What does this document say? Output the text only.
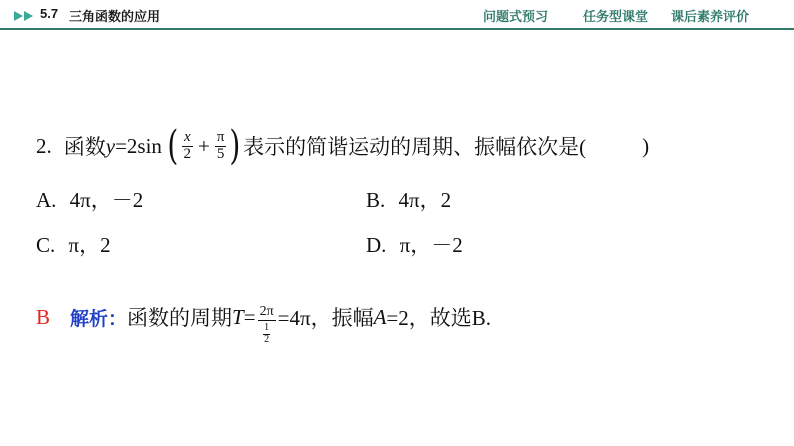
5.7 三角函数的应用	问题式预习	任务型课堂 课后素养评价
2. 函数 y =2sin ( $\frac{x}{2} + \frac{\pi}{5}$ ) 表示的简谐运动的周期、振幅依次是(	)
A. 4π，－2	B. 4π，2
C. π，2	D. π，－2
B 解析： 函数的周期 $T = \frac{2\pi}{\frac{1}{2}} =4\pi$，振幅 A =2，故选B.
